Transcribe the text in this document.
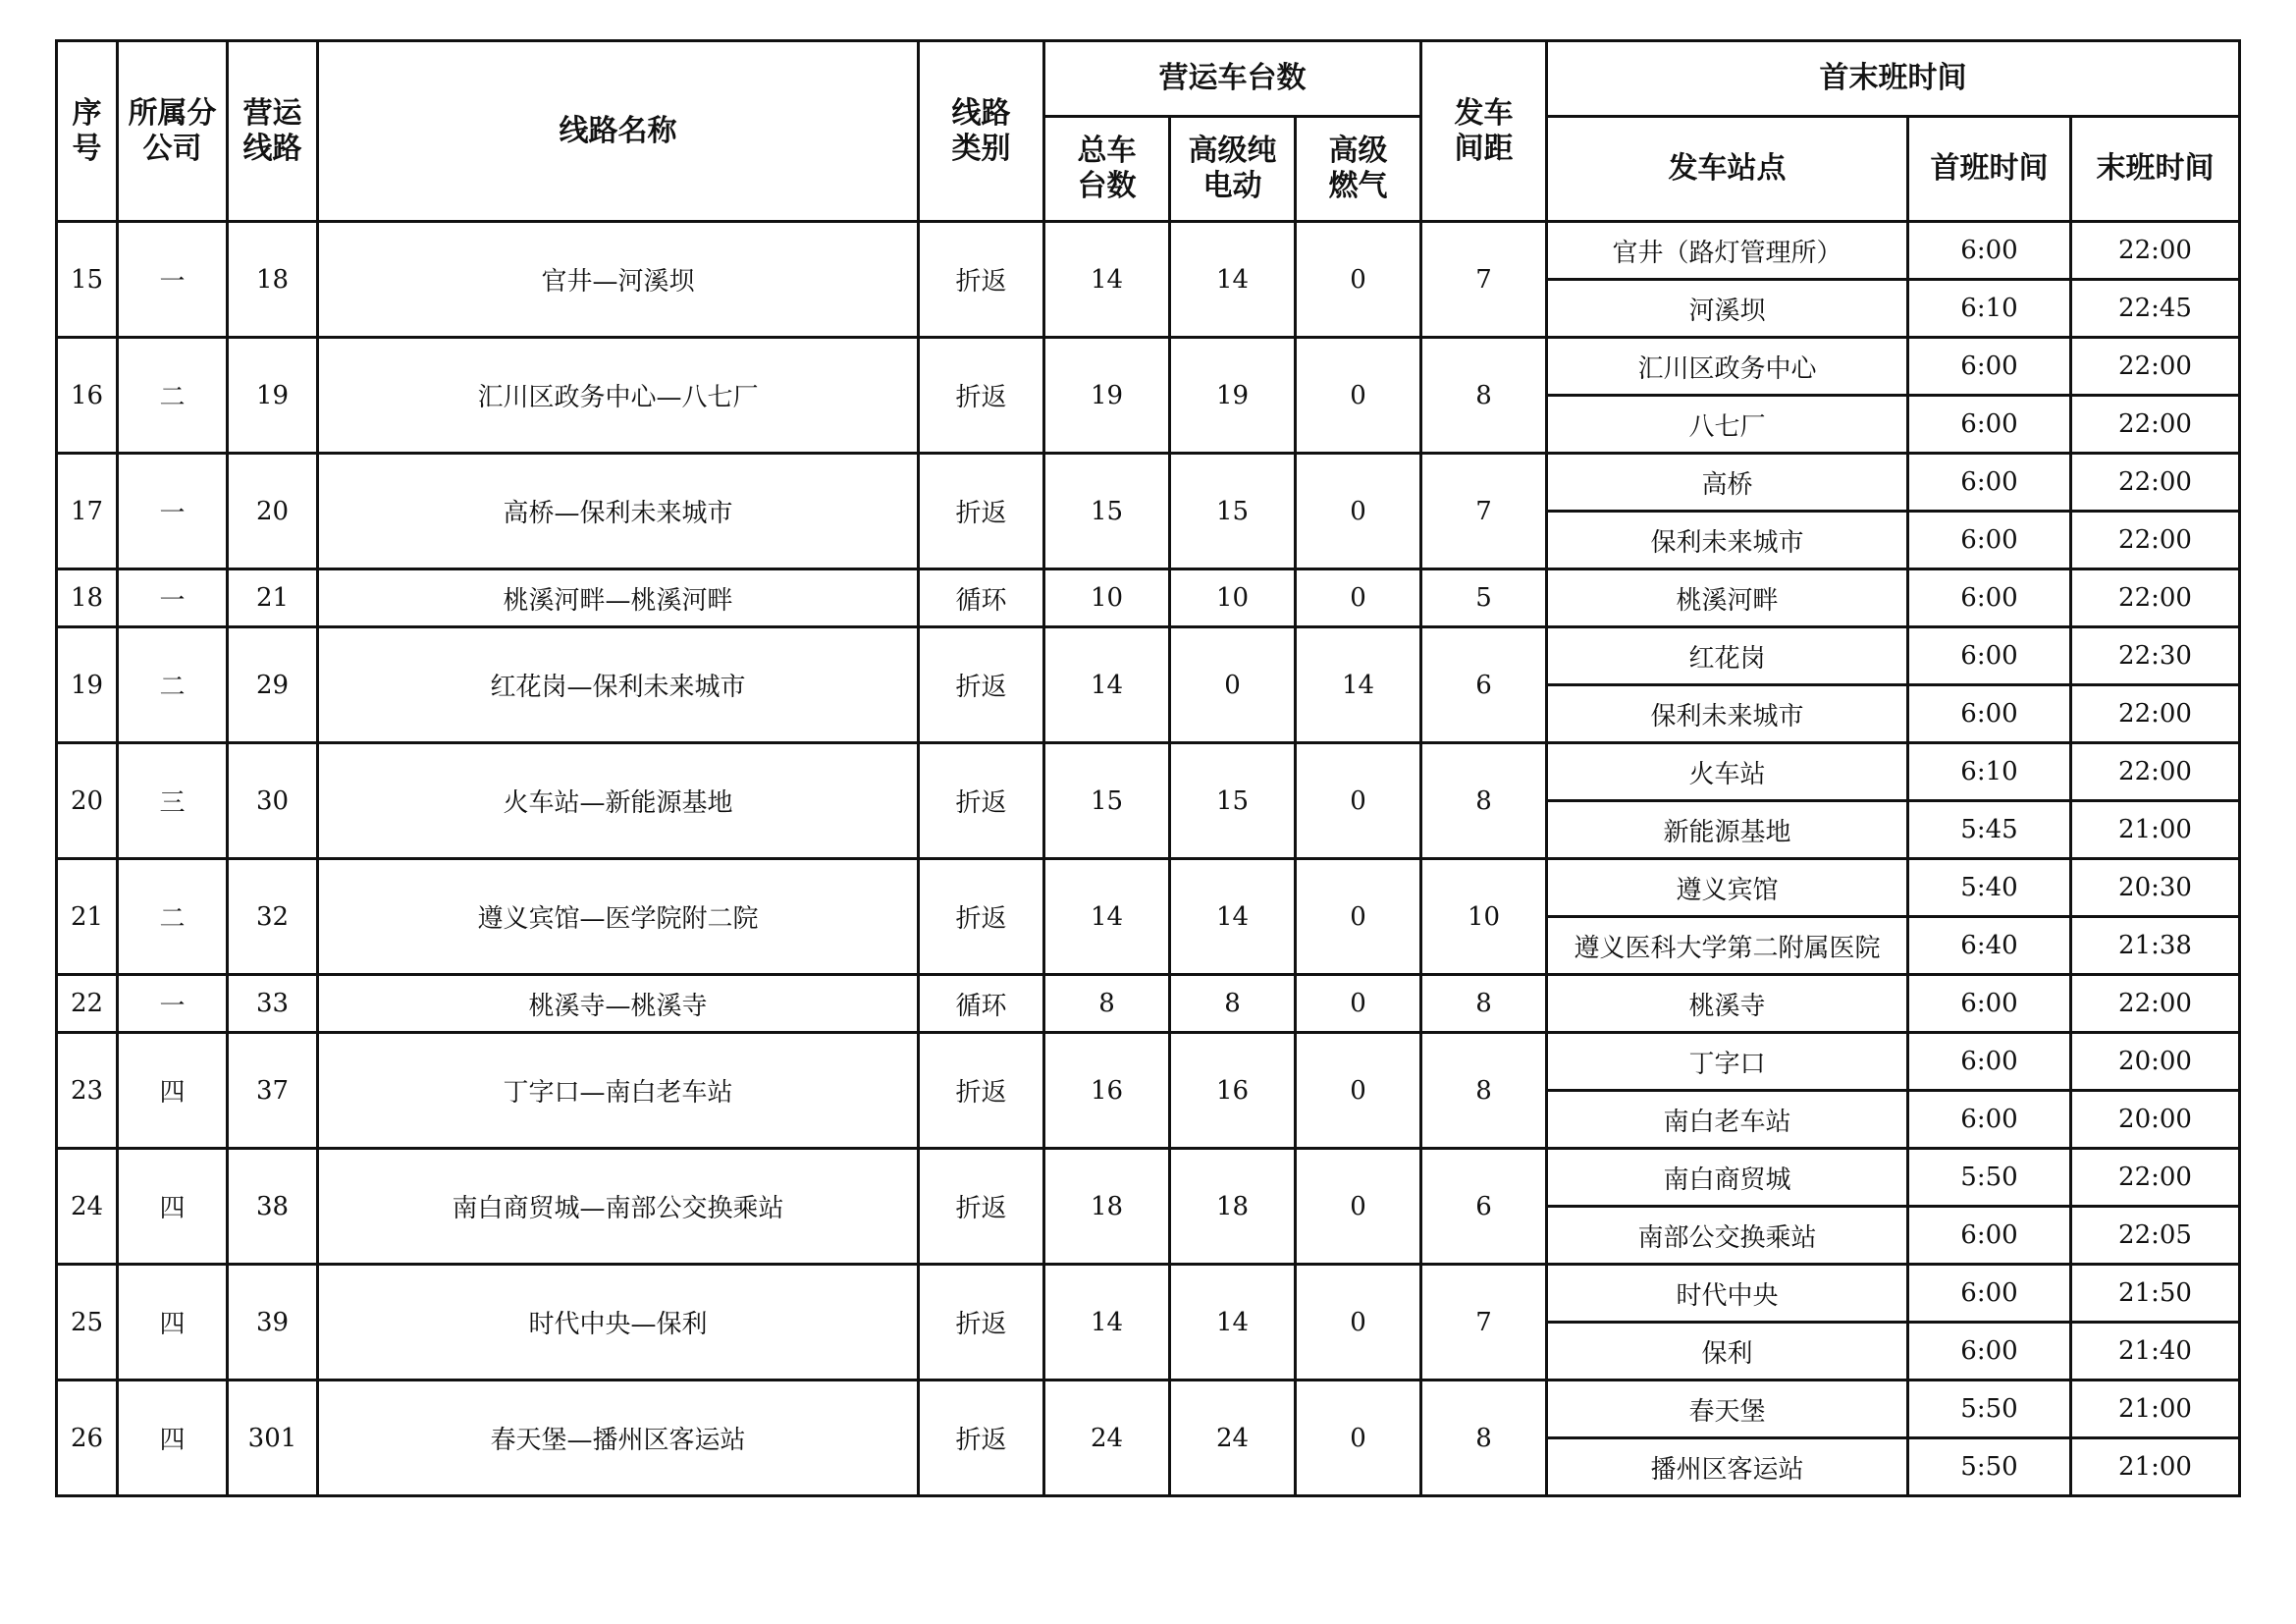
序号	所属分公司	营运线路	线路名称	线路类别	营运车台数			发车间距	首末班时间		

					总车台数	高级纯电动	高级燃气		发车站点	首班时间	末班时间
15	一	18	官井—河溪坝	折返	14	14	0	7	官井（路灯管理所）	6:00	22:00
									河溪坝	6:10	22:45
16	二	19	汇川区政务中心—八七厂	折返	19	19	0	8	汇川区政务中心	6:00	22:00
									八七厂	6:00	22:00
17	一	20	高桥—保利未来城市	折返	15	15	0	7	高桥	6:00	22:00
									保利未来城市	6:00	22:00
18	一	21	桃溪河畔—桃溪河畔	循环	10	10	0	5	桃溪河畔	6:00	22:00
19	二	29	红花岗—保利未来城市	折返	14	0	14	6	红花岗	6:00	22:30
									保利未来城市	6:00	22:00
20	三	30	火车站—新能源基地	折返	15	15	0	8	火车站	6:10	22:00
									新能源基地	5:45	21:00
21	二	32	遵义宾馆—医学院附二院	折返	14	14	0	10	遵义宾馆	5:40	20:30
									遵义医科大学第二附属医院	6:40	21:38
22	一	33	桃溪寺—桃溪寺	循环	8	8	0	8	桃溪寺	6:00	22:00
23	四	37	丁字口—南白老车站	折返	16	16	0	8	丁字口	6:00	20:00
									南白老车站	6:00	20:00
24	四	38	南白商贸城—南部公交换乘站	折返	18	18	0	6	南白商贸城	5:50	22:00
									南部公交换乘站	6:00	22:05
25	四	39	时代中央—保利	折返	14	14	0	7	时代中央	6:00	21:50
									保利	6:00	21:40
26	四	301	春天堡—播州区客运站	折返	24	24	0	8	春天堡	5:50	21:00
									播州区客运站	5:50	21:00
